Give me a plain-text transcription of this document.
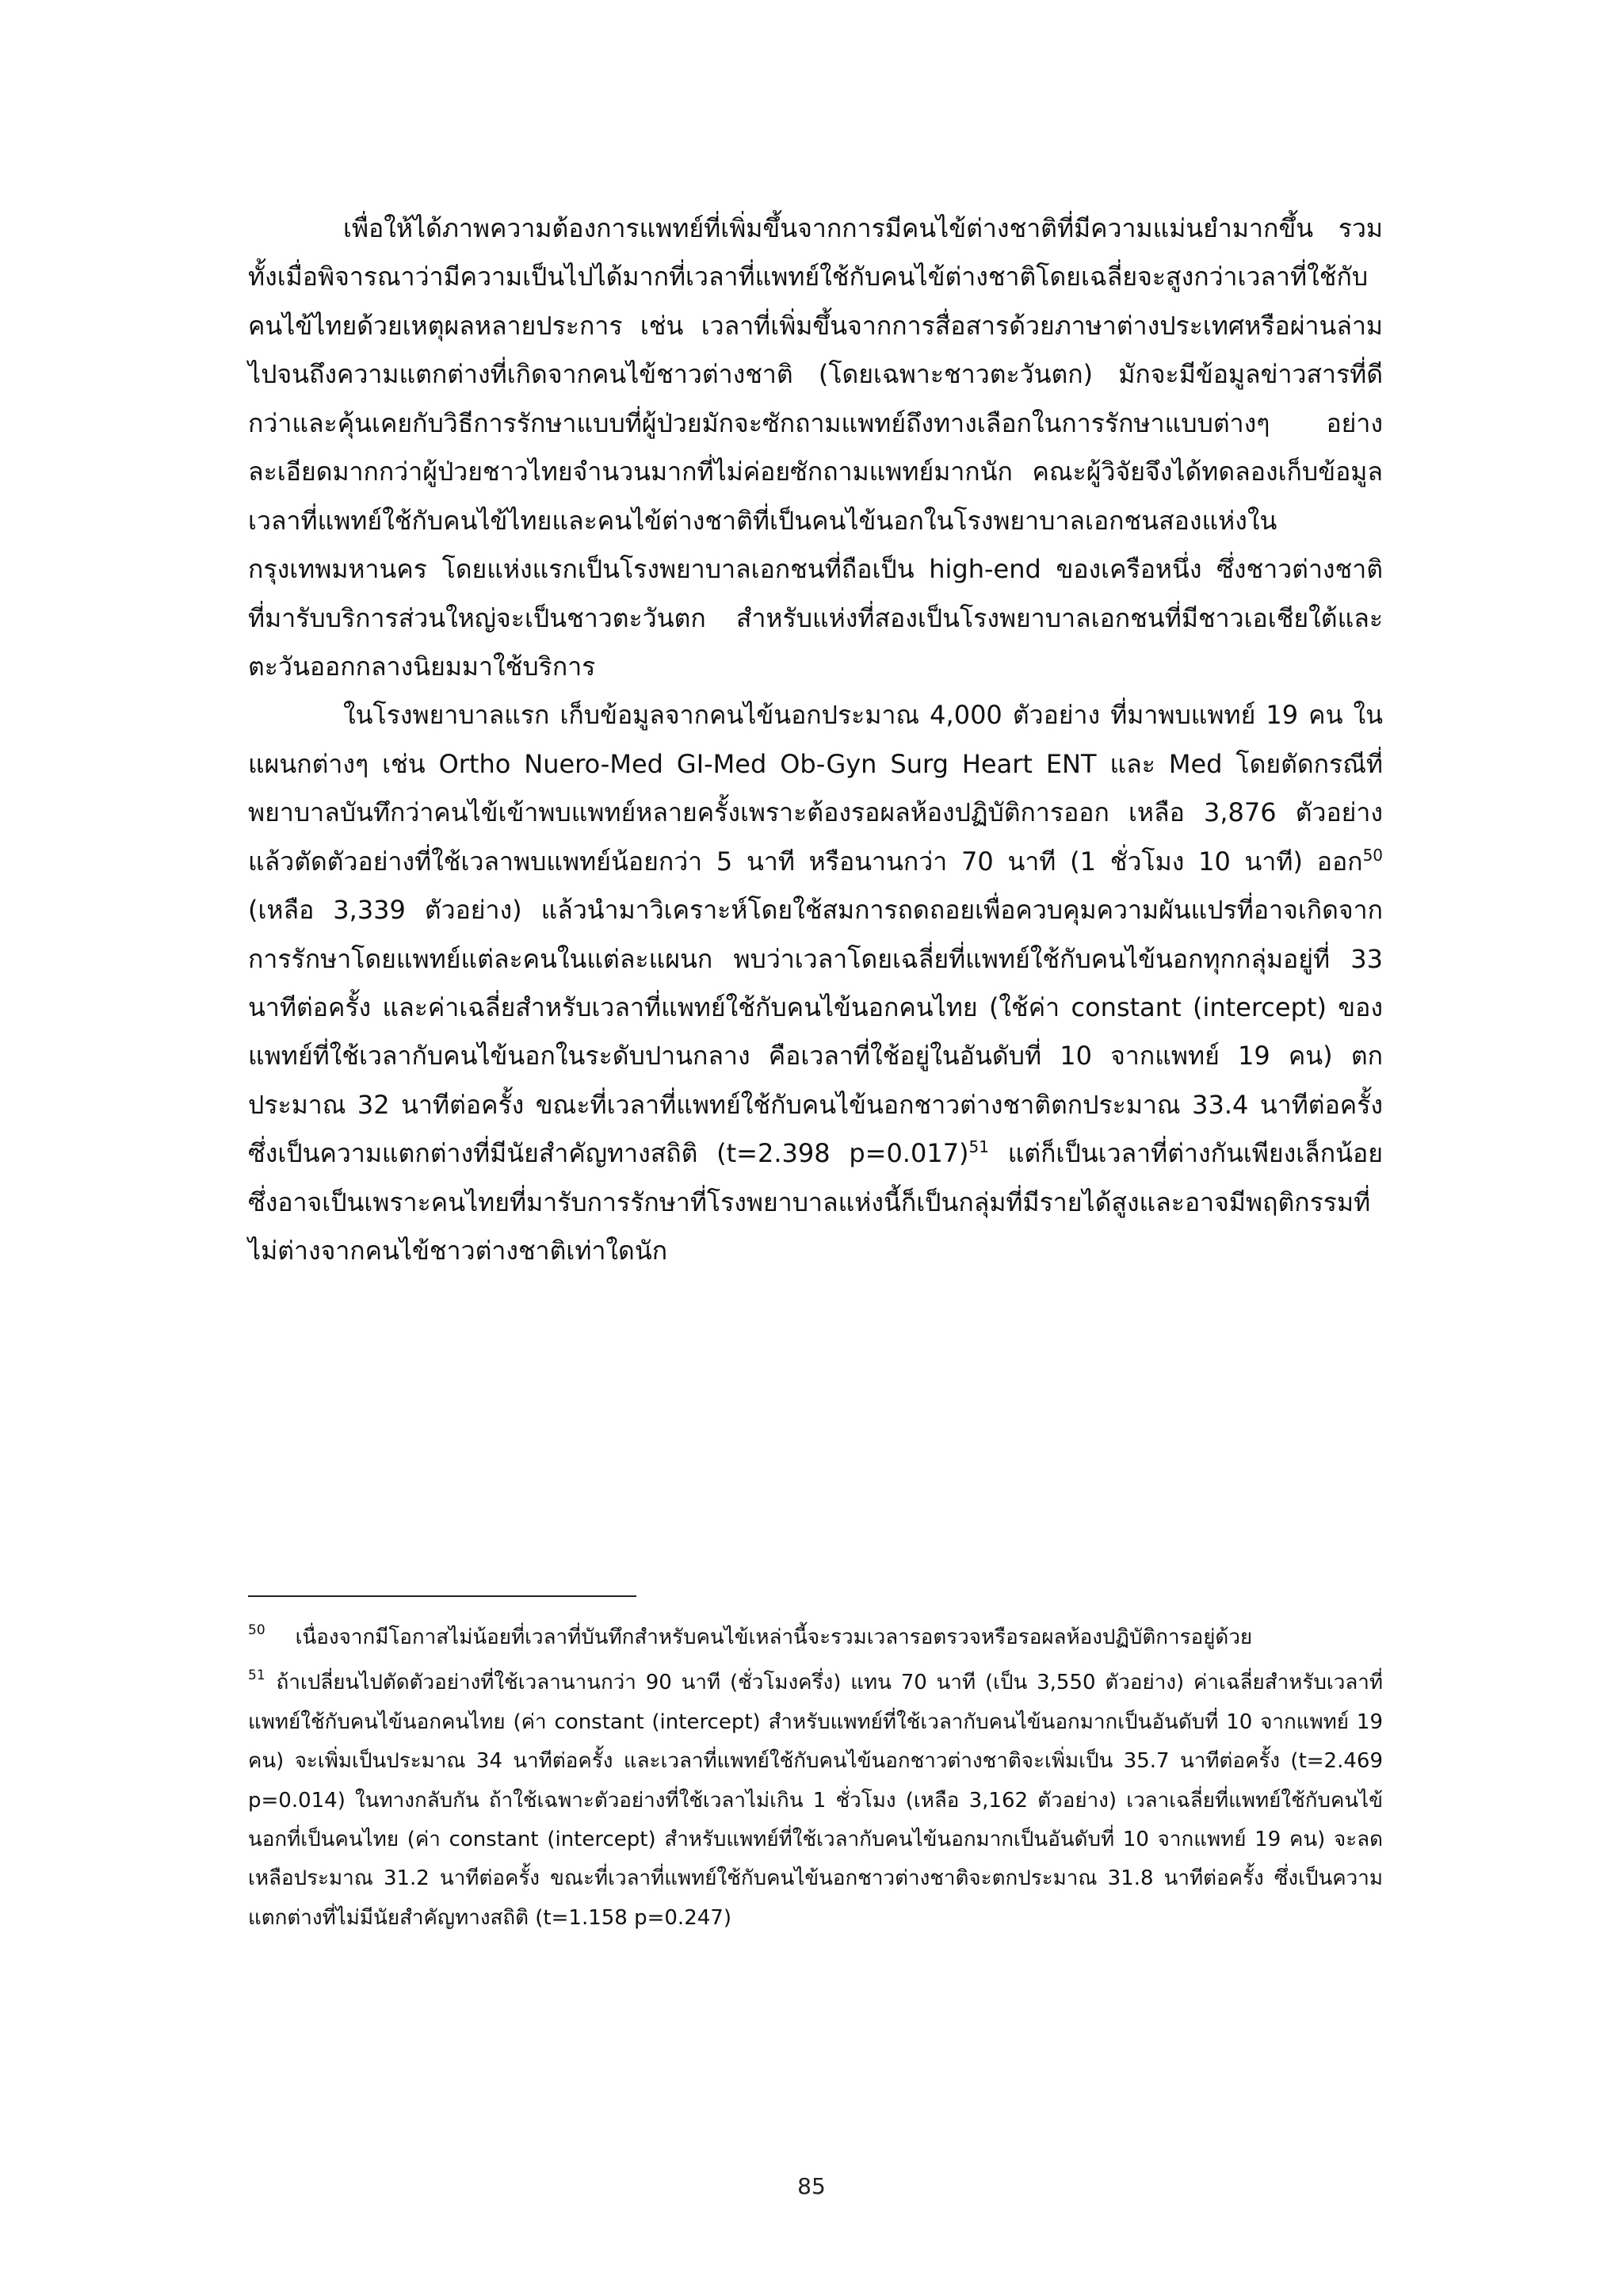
เพื่อให้ได้ภาพความต้องการแพทย์ที่เพิ่มขึ้นจากการมีคนไข้ต่างชาติที่มีความแม่นยำมากขึ้น รวมทั้งเมื่อพิจารณาว่ามีความเป็นไปได้มากที่เวลาที่แพทย์ใช้กับคนไข้ต่างชาติโดยเฉลี่ยจะสูงกว่าเวลาที่ใช้กับคนไข้ไทยด้วยเหตุผลหลายประการ เช่น เวลาที่เพิ่มขึ้นจากการสื่อสารด้วยภาษาต่างประเทศหรือผ่านล่าม ไปจนถึงความแตกต่างที่เกิดจากคนไข้ชาวต่างชาติ (โดยเฉพาะชาวตะวันตก) มักจะมีข้อมูลข่าวสารที่ดีกว่าและคุ้นเคยกับวิธีการรักษาแบบที่ผู้ป่วยมักจะซักถามแพทย์ถึงทางเลือกในการรักษาแบบต่างๆ อย่างละเอียดมากกว่าผู้ป่วยชาวไทยจำนวนมากที่ไม่ค่อยซักถามแพทย์มากนัก คณะผู้วิจัยจึงได้ทดลองเก็บข้อมูลเวลาที่แพทย์ใช้กับคนไข้ไทยและคนไข้ต่างชาติที่เป็นคนไข้นอกในโรงพยาบาลเอกชนสองแห่งในกรุงเทพมหานคร โดยแห่งแรกเป็นโรงพยาบาลเอกชนที่ถือเป็น high-end ของเครือหนึ่ง ซึ่งชาวต่างชาติที่มารับบริการส่วนใหญ่จะเป็นชาวตะวันตก สำหรับแห่งที่สองเป็นโรงพยาบาลเอกชนที่มีชาวเอเชียใต้และตะวันออกกลางนิยมมาใช้บริการ

ในโรงพยาบาลแรก เก็บข้อมูลจากคนไข้นอกประมาณ 4,000 ตัวอย่าง ที่มาพบแพทย์ 19 คน ในแผนกต่างๆ เช่น Ortho Nuero-Med GI-Med Ob-Gyn Surg Heart ENT และ Med โดยตัดกรณีที่พยาบาลบันทึกว่าคนไข้เข้าพบแพทย์หลายครั้งเพราะต้องรอผลห้องปฏิบัติการออก เหลือ 3,876 ตัวอย่าง แล้วตัดตัวอย่างที่ใช้เวลาพบแพทย์น้อยกว่า 5 นาที หรือนานกว่า 70 นาที (1 ชั่วโมง 10 นาที) ออก$^{50}$ (เหลือ 3,339 ตัวอย่าง) แล้วนำมาวิเคราะห์โดยใช้สมการถดถอยเพื่อควบคุมความผันแปรที่อาจเกิดจากการรักษาโดยแพทย์แต่ละคนในแต่ละแผนก พบว่าเวลาโดยเฉลี่ยที่แพทย์ใช้กับคนไข้นอกทุกกลุ่มอยู่ที่ 33 นาทีต่อครั้ง และค่าเฉลี่ยสำหรับเวลาที่แพทย์ใช้กับคนไข้นอกคนไทย (ใช้ค่า constant (intercept) ของแพทย์ที่ใช้เวลากับคนไข้นอกในระดับปานกลาง คือเวลาที่ใช้อยู่ในอันดับที่ 10 จากแพทย์ 19 คน) ตกประมาณ 32 นาทีต่อครั้ง ขณะที่เวลาที่แพทย์ใช้กับคนไข้นอกชาวต่างชาติตกประมาณ 33.4 นาทีต่อครั้ง ซึ่งเป็นความแตกต่างที่มีนัยสำคัญทางสถิติ (t=2.398 p=0.017)$^{51}$ แต่ก็เป็นเวลาที่ต่างกันเพียงเล็กน้อย ซึ่งอาจเป็นเพราะคนไทยที่มารับการรักษาที่โรงพยาบาลแห่งนี้ก็เป็นกลุ่มที่มีรายได้สูงและอาจมีพฤติกรรมที่ไม่ต่างจากคนไข้ชาวต่างชาติเท่าใดนัก

50 เนื่องจากมีโอกาสไม่น้อยที่เวลาที่บันทึกสำหรับคนไข้เหล่านี้จะรวมเวลารอตรวจหรือรอผลห้องปฏิบัติการอยู่ด้วย

51 ถ้าเปลี่ยนไปตัดตัวอย่างที่ใช้เวลานานกว่า 90 นาที (ชั่วโมงครึ่ง) แทน 70 นาที (เป็น 3,550 ตัวอย่าง) ค่าเฉลี่ยสำหรับเวลาที่แพทย์ใช้กับคนไข้นอกคนไทย (ค่า constant (intercept) สำหรับแพทย์ที่ใช้เวลากับคนไข้นอกมากเป็นอันดับที่ 10 จากแพทย์ 19 คน) จะเพิ่มเป็นประมาณ 34 นาทีต่อครั้ง และเวลาที่แพทย์ใช้กับคนไข้นอกชาวต่างชาติจะเพิ่มเป็น 35.7 นาทีต่อครั้ง (t=2.469 p=0.014) ในทางกลับกัน ถ้าใช้เฉพาะตัวอย่างที่ใช้เวลาไม่เกิน 1 ชั่วโมง (เหลือ 3,162 ตัวอย่าง) เวลาเฉลี่ยที่แพทย์ใช้กับคนไข้นอกที่เป็นคนไทย (ค่า constant (intercept) สำหรับแพทย์ที่ใช้เวลากับคนไข้นอกมากเป็นอันดับที่ 10 จากแพทย์ 19 คน) จะลดเหลือประมาณ 31.2 นาทีต่อครั้ง ขณะที่เวลาที่แพทย์ใช้กับคนไข้นอกชาวต่างชาติจะตกประมาณ 31.8 นาทีต่อครั้ง ซึ่งเป็นความแตกต่างที่ไม่มีนัยสำคัญทางสถิติ (t=1.158 p=0.247)

85
